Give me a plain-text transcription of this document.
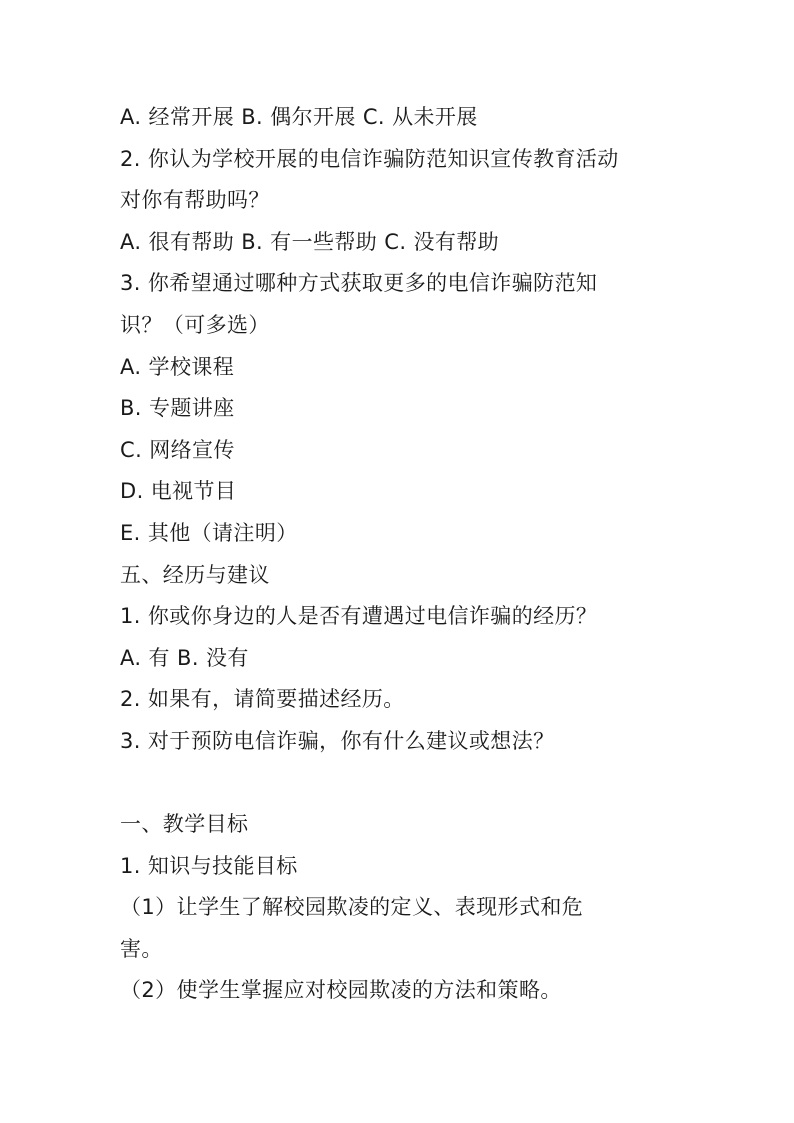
A. 经常开展 B. 偶尔开展 C. 从未开展
2. 你认为学校开展的电信诈骗防范知识宣传教育活动
对你有帮助吗？
A. 很有帮助 B. 有一些帮助 C. 没有帮助
3. 你希望通过哪种方式获取更多的电信诈骗防范知
识？（可多选）
A. 学校课程
B. 专题讲座
C. 网络宣传
D. 电视节目
E. 其他（请注明）
五、经历与建议
1. 你或你身边的人是否有遭遇过电信诈骗的经历？
A. 有 B. 没有
2. 如果有，请简要描述经历。
3. 对于预防电信诈骗，你有什么建议或想法？
一、教学目标
1. 知识与技能目标
（1）让学生了解校园欺凌的定义、表现形式和危
害。
（2）使学生掌握应对校园欺凌的方法和策略。
